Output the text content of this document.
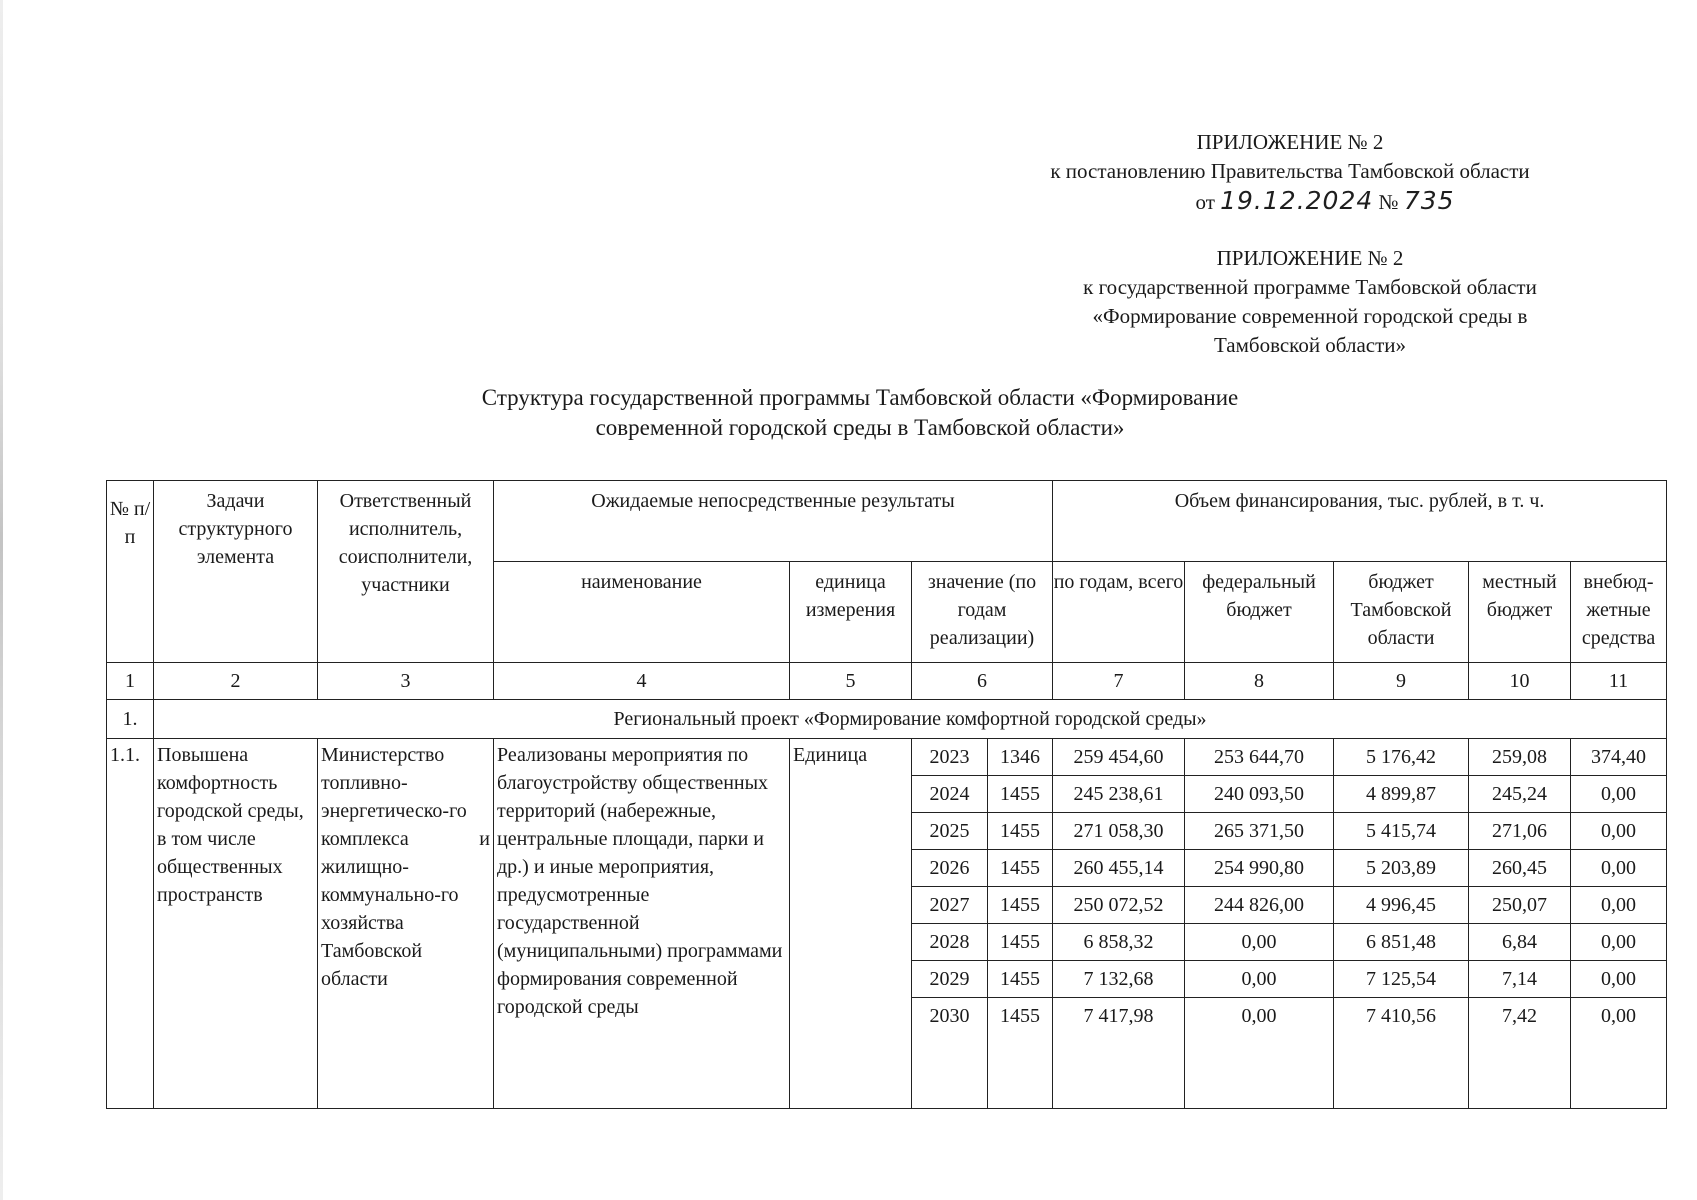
ПРИЛОЖЕНИЕ № 2
к постановлению Правительства Тамбовской области
от 19.12.2024 № 735
ПРИЛОЖЕНИЕ № 2
к государственной программе Тамбовской области
«Формирование современной городской среды в
Тамбовской области»
Структура государственной программы Тамбовской области «Формирование
современной городской среды в Тамбовской области»
№ п/п	Задачи структурного элемента	Ответственный исполнитель, соисполнители, участники	Ожидаемые непосредственные результаты				Объем финансирования, тыс. рублей, в т. ч.				
			наименование	единица измерения	значение (по годам реализации)		по годам, всего	федеральный бюджет	бюджет Тамбовской области	местный бюджет	внебюд-жетные средства
1	2	3	4	5	6		7	8	9	10	11
1.	Региональный проект «Формирование комфортной городской среды»										
1.1.	Повышена комфортность городской среды, в том числе общественных пространств	Министерство топливно-энергетическо-го комплекса и жилищно-коммунально-го хозяйства Тамбовской области	Реализованы мероприятия по благоустройству общественных территорий (набережные, центральные площади, парки и др.) и иные мероприятия, предусмотренные государственной (муниципальными) программами формирования современной городской среды	Единица	2023	1346	259 454,60	253 644,70	5 176,42	259,08	374,40
					2024	1455	245 238,61	240 093,50	4 899,87	245,24	0,00
					2025	1455	271 058,30	265 371,50	5 415,74	271,06	0,00
					2026	1455	260 455,14	254 990,80	5 203,89	260,45	0,00
					2027	1455	250 072,52	244 826,00	4 996,45	250,07	0,00
					2028	1455	6 858,32	0,00	6 851,48	6,84	0,00
					2029	1455	7 132,68	0,00	7 125,54	7,14	0,00
					2030	1455	7 417,98	0,00	7 410,56	7,42	0,00
